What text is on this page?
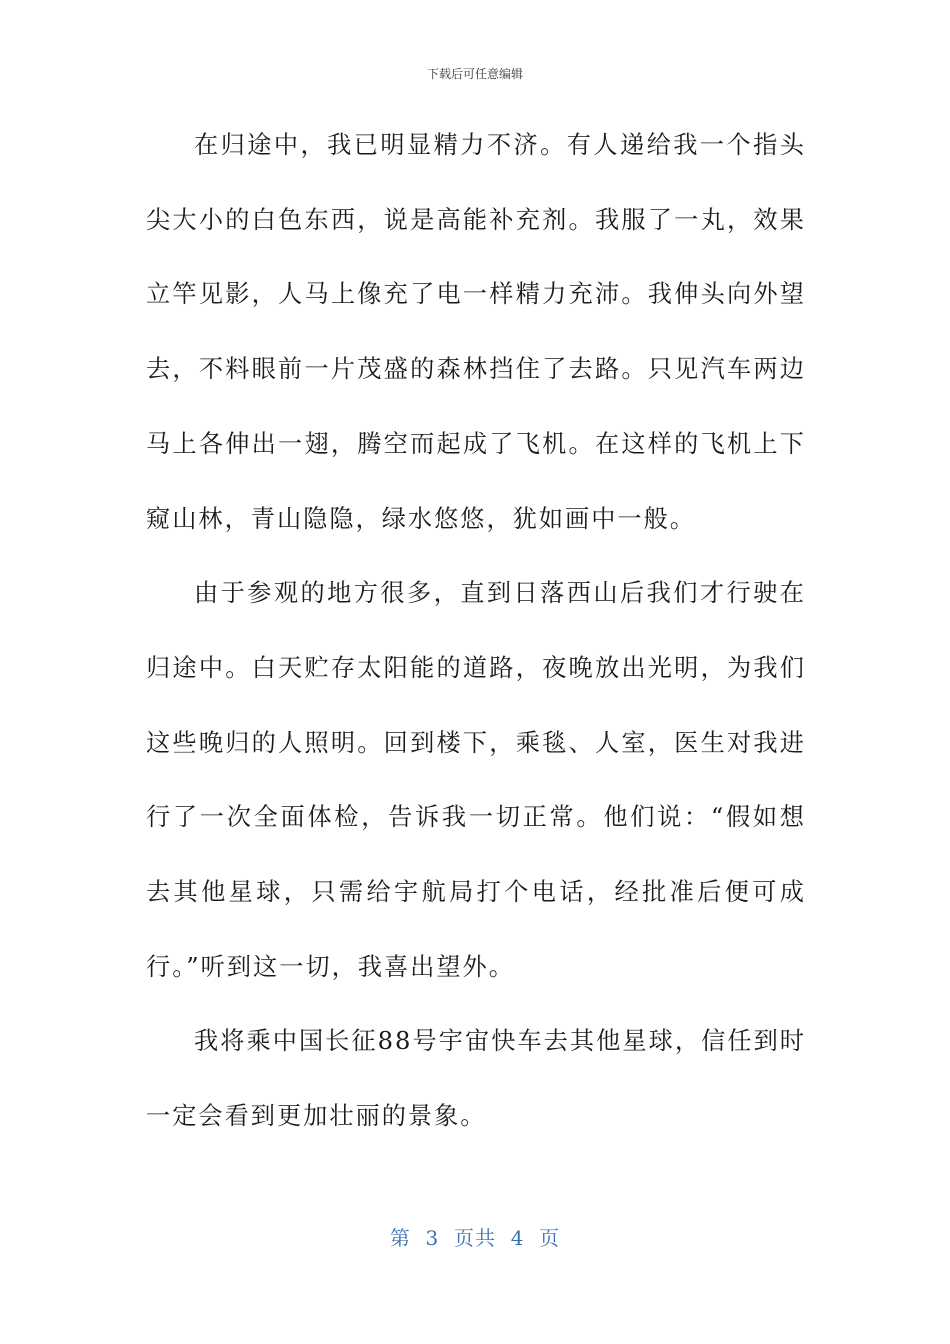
下载后可任意编辑

在归途中，我已明显精力不济。有人递给我一个指头尖大小的白色东西，说是高能补充剂。我服了一丸，效果立竿见影，人马上像充了电一样精力充沛。我伸头向外望去，不料眼前一片茂盛的森林挡住了去路。只见汽车两边马上各伸出一翅，腾空而起成了飞机。在这样的飞机上下窥山林，青山隐隐，绿水悠悠，犹如画中一般。

由于参观的地方很多，直到日落西山后我们才行驶在归途中。白天贮存太阳能的道路，夜晚放出光明，为我们这些晚归的人照明。回到楼下，乘毯、人室，医生对我进行了一次全面体检，告诉我一切正常。他们说：“假如想去其他星球，只需给宇航局打个电话，经批准后便可成行。”听到这一切，我喜出望外。

我将乘中国长征88号宇宙快车去其他星球，信任到时一定会看到更加壮丽的景象。

第  3  页共  4  页
